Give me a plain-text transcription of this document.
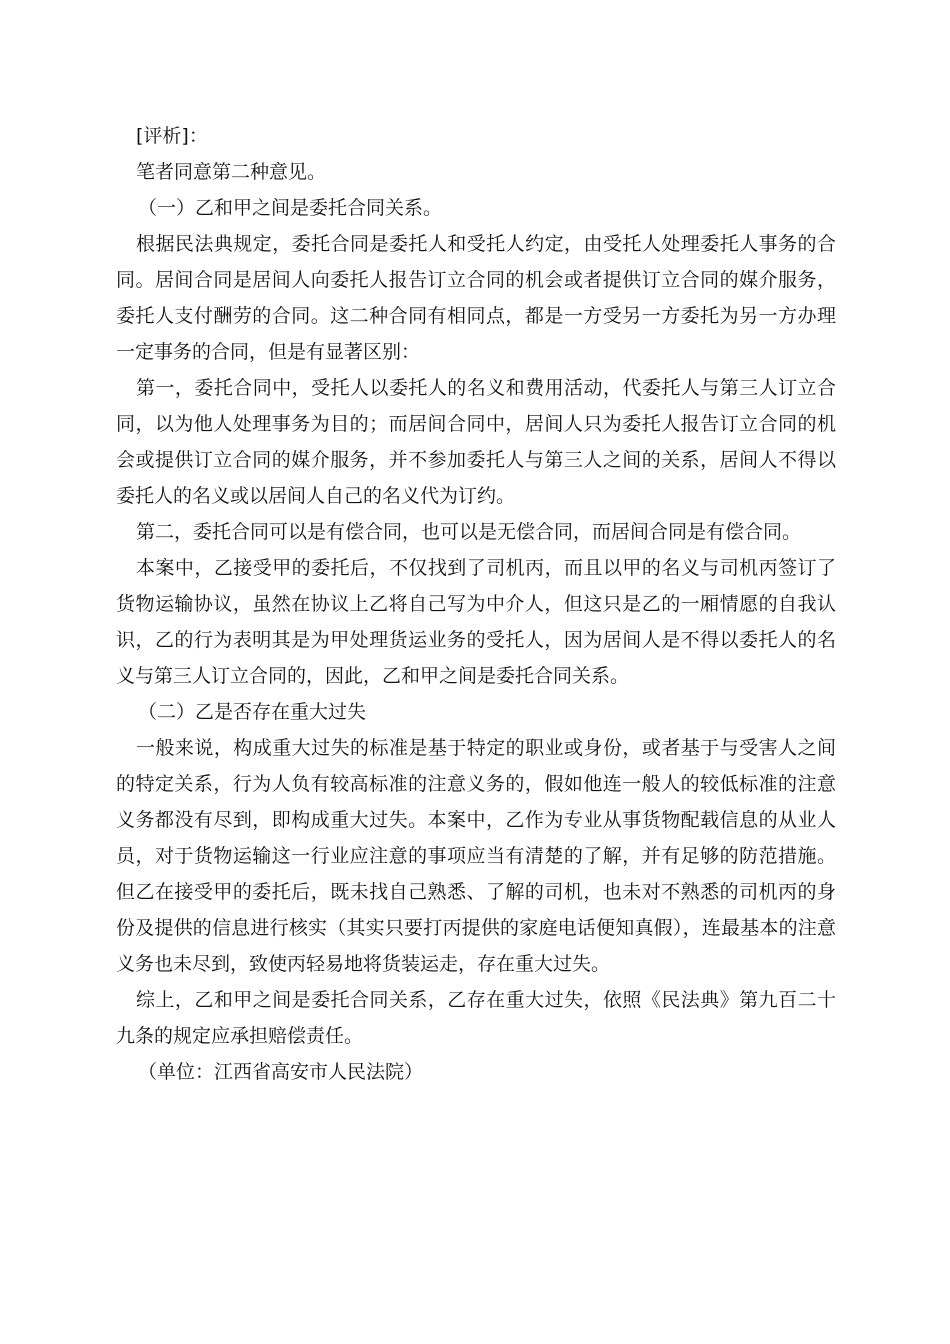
[评析]：

笔者同意第二种意见。

（一）乙和甲之间是委托合同关系。

根据民法典规定，委托合同是委托人和受托人约定，由受托人处理委托人事务的合同。居间合同是居间人向委托人报告订立合同的机会或者提供订立合同的媒介服务，委托人支付酬劳的合同。这二种合同有相同点，都是一方受另一方委托为另一方办理一定事务的合同，但是有显著区别：

第一，委托合同中，受托人以委托人的名义和费用活动，代委托人与第三人订立合同，以为他人处理事务为目的；而居间合同中，居间人只为委托人报告订立合同的机会或提供订立合同的媒介服务，并不参加委托人与第三人之间的关系，居间人不得以委托人的名义或以居间人自己的名义代为订约。

第二，委托合同可以是有偿合同，也可以是无偿合同，而居间合同是有偿合同。

本案中，乙接受甲的委托后，不仅找到了司机丙，而且以甲的名义与司机丙签订了货物运输协议，虽然在协议上乙将自己写为中介人，但这只是乙的一厢情愿的自我认识，乙的行为表明其是为甲处理货运业务的受托人，因为居间人是不得以委托人的名义与第三人订立合同的，因此，乙和甲之间是委托合同关系。

（二）乙是否存在重大过失

一般来说，构成重大过失的标准是基于特定的职业或身份，或者基于与受害人之间的特定关系，行为人负有较高标准的注意义务的，假如他连一般人的较低标准的注意义务都没有尽到，即构成重大过失。本案中，乙作为专业从事货物配载信息的从业人员，对于货物运输这一行业应注意的事项应当有清楚的了解，并有足够的防范措施。但乙在接受甲的委托后，既未找自己熟悉、了解的司机，也未对不熟悉的司机丙的身份及提供的信息进行核实（其实只要打丙提供的家庭电话便知真假），连最基本的注意义务也未尽到，致使丙轻易地将货装运走，存在重大过失。

综上，乙和甲之间是委托合同关系，乙存在重大过失，依照《民法典》第九百二十九条的规定应承担赔偿责任。

（单位：江西省高安市人民法院）
